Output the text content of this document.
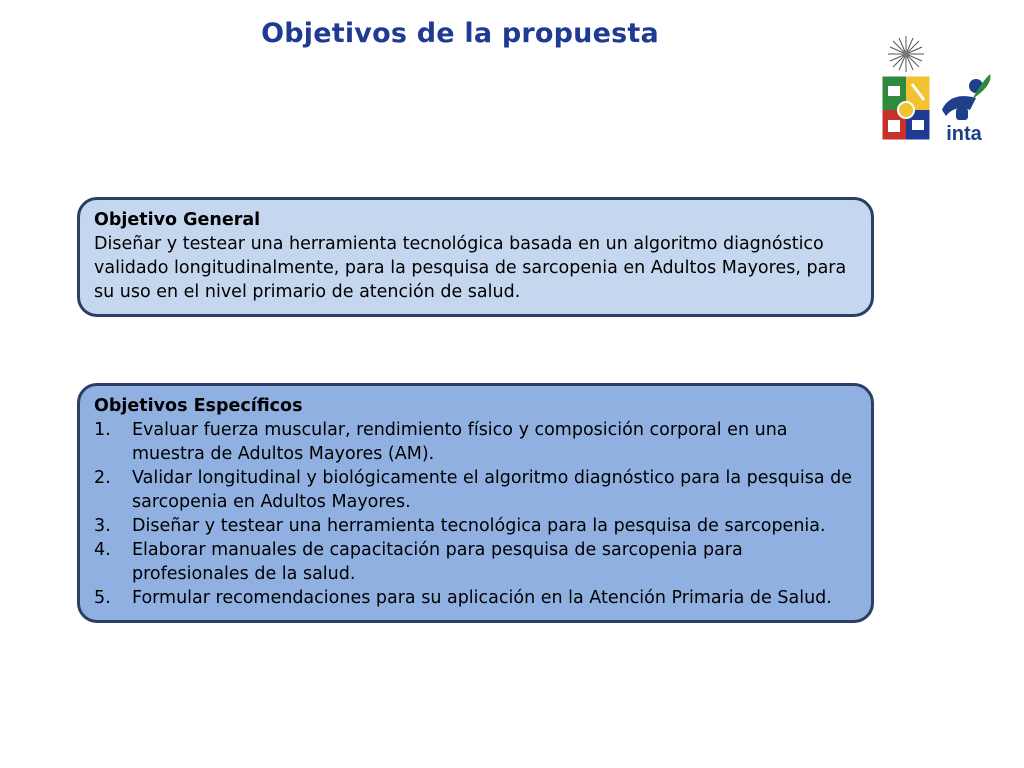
Objetivos de la propuesta
inta
Objetivo General
Diseñar y testear una herramienta tecnológica basada en un algoritmo diagnóstico validado longitudinalmente, para la pesquisa de sarcopenia en Adultos Mayores, para su uso en el nivel primario de atención de salud.
Objetivos Específicos
1.	Evaluar fuerza muscular, rendimiento físico y composición corporal en una muestra de Adultos Mayores (AM).
2.	Validar longitudinal y biológicamente el algoritmo diagnóstico para la pesquisa de sarcopenia en Adultos Mayores.
3.	Diseñar y testear una herramienta tecnológica para la pesquisa de sarcopenia.
4.	Elaborar manuales de capacitación para pesquisa de sarcopenia para profesionales de la salud.
5.	Formular recomendaciones para su aplicación en la Atención Primaria de Salud.
